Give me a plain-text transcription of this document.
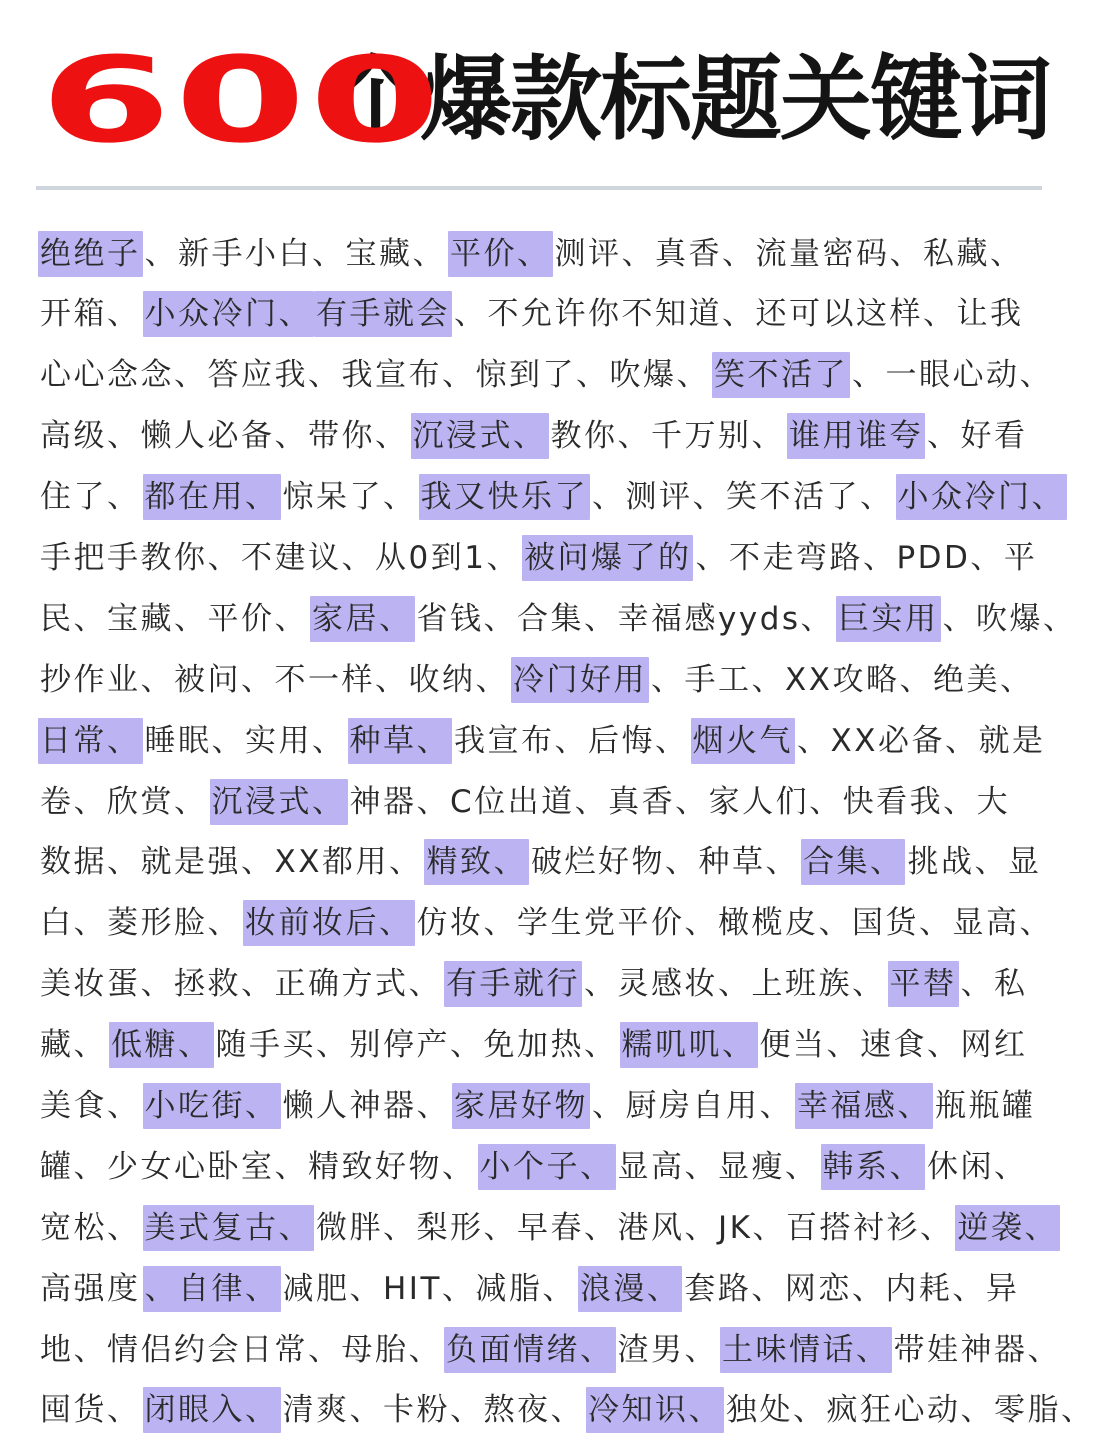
600
个爆款标题关键词
绝绝子 、新手小白、宝藏、 平价、 测评、真香、流量密码、私藏、
开箱、 小众冷门、 有手就会 、不允许你不知道、还可以这样、让我
心心念念、答应我、我宣布、惊到了、吹爆、 笑不活了 、一眼心动、
高级、懒人必备、带你、 沉浸式、 教你、千万别、 谁用谁夸 、好看
住了、 都在用、 惊呆了、 我又快乐了 、测评、笑不活了、 小众冷门、
手把手教你、不建议、从0到1、 被问爆了的 、不走弯路、PDD、平
民、宝藏、平价、 家居、 省钱、合集、幸福感yyds、 巨实用 、吹爆、
抄作业、被问、不一样、收纳、 冷门好用 、手工、XX攻略、绝美、
日常、 睡眠、实用、 种草、 我宣布、后悔、 烟火气 、XX必备、就是
卷、欣赏、 沉浸式、 神器、C位出道、真香、家人们、快看我、大
数据、就是强、XX都用、 精致、 破烂好物、种草、 合集、 挑战、显
白、菱形脸、 妆前妆后、 仿妆、学生党平价、橄榄皮、国货、显高、
美妆蛋、拯救、正确方式、 有手就行 、灵感妆、上班族、 平替 、私
藏、 低糖、 随手买、别停产、免加热、 糯叽叽、 便当、速食、网红
美食、 小吃街、 懒人神器、 家居好物 、厨房自用、 幸福感、 瓶瓶罐
罐、少女心卧室、精致好物、 小个子、 显高、显瘦、 韩系、 休闲、
宽松、 美式复古、 微胖、梨形、早春、港风、JK、百搭衬衫、 逆袭、
高强度 、自律、 减肥、HIT、减脂、 浪漫、 套路、网恋、内耗、异
地、情侣约会日常、母胎、 负面情绪、 渣男、 土味情话、 带娃神器、
囤货、 闭眼入、 清爽、卡粉、熬夜、 冷知识、 独处、疯狂心动、零脂、
